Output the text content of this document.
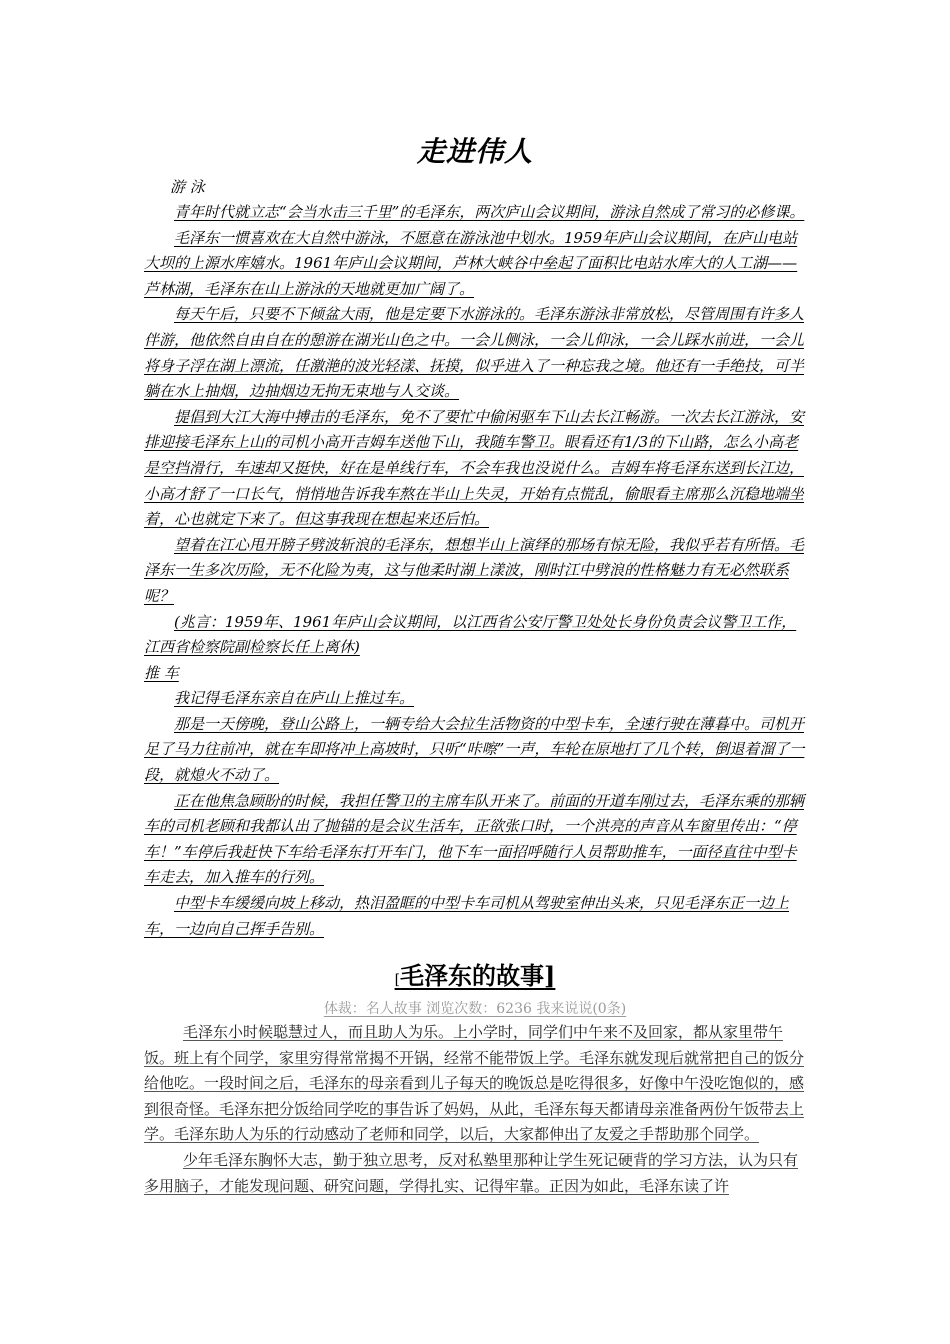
走进伟人
游 泳

青年时代就立志“会当水击三千里”的毛泽东，两次庐山会议期间，游泳自然成了常习的必修课。

毛泽东一惯喜欢在大自然中游泳，不愿意在游泳池中划水。1959年庐山会议期间，在庐山电站大坝的上源水库嬉水。1961年庐山会议期间，芦林大峡谷中垒起了面积比电站水库大的人工湖——芦林湖，毛泽东在山上游泳的天地就更加广阔了。

每天午后，只要不下倾盆大雨，他是定要下水游泳的。毛泽东游泳非常放松，尽管周围有许多人伴游，他依然自由自在的憩游在湖光山色之中。一会儿侧泳，一会儿仰泳，一会儿踩水前进，一会儿将身子浮在湖上漂流，任激滟的波光轻漾、抚摸，似乎进入了一种忘我之境。他还有一手绝技，可半躺在水上抽烟，边抽烟边无拘无束地与人交谈。

提倡到大江大海中搏击的毛泽东，免不了要忙中偷闲驱车下山去长江畅游。一次去长江游泳，安排迎接毛泽东上山的司机小高开吉姆车送他下山，我随车警卫。眼看还有1/3的下山路，怎么小高老是空挡滑行，车速却又挺快，好在是单线行车，不会车我也没说什么。吉姆车将毛泽东送到长江边，小高才舒了一口长气，悄悄地告诉我车熬在半山上失灵，开始有点慌乱，偷眼看主席那么沉稳地端坐着，心也就定下来了。但这事我现在想起来还后怕。

望着在江心甩开膀子劈波斩浪的毛泽东，想想半山上演绎的那场有惊无险，我似乎若有所悟。毛泽东一生多次历险，无不化险为夷，这与他柔时湖上漾波，刚时江中劈浪的性格魅力有无必然联系呢？

(兆言：1959年、1961年庐山会议期间，以江西省公安厅警卫处处长身份负责会议警卫工作，江西省检察院副检察长任上离休)

推 车

我记得毛泽东亲自在庐山上推过车。

那是一天傍晚，登山公路上，一辆专给大会拉生活物资的中型卡车，全速行驶在薄暮中。司机开足了马力往前冲，就在车即将冲上高坡时，只听“咔嚓”一声，车轮在原地打了几个转，倒退着溜了一段，就熄火不动了。

正在他焦急顾盼的时候，我担任警卫的主席车队开来了。前面的开道车刚过去，毛泽东乘的那辆车的司机老顾和我都认出了抛锚的是会议生活车，正欲张口时，一个洪亮的声音从车窗里传出：“停车！”车停后我赶快下车给毛泽东打开车门，他下车一面招呼随行人员帮助推车，一面径直往中型卡车走去，加入推车的行列。

中型卡车缓缓向坡上移动，热泪盈眶的中型卡车司机从驾驶室伸出头来，只见毛泽东正一边上车，一边向自己挥手告别。

[毛泽东的故事]
体裁：名人故事 浏览次数：6236 我来说说(0条)

毛泽东小时候聪慧过人，而且助人为乐。上小学时，同学们中午来不及回家，都从家里带午饭。班上有个同学，家里穷得常常揭不开锅，经常不能带饭上学。毛泽东就发现后就常把自己的饭分给他吃。一段时间之后，毛泽东的母亲看到儿子每天的晚饭总是吃得很多，好像中午没吃饱似的，感到很奇怪。毛泽东把分饭给同学吃的事告诉了妈妈，从此，毛泽东每天都请母亲准备两份午饭带去上学。毛泽东助人为乐的行动感动了老师和同学，以后，大家都伸出了友爱之手帮助那个同学。

少年毛泽东胸怀大志，勤于独立思考，反对私塾里那种让学生死记硬背的学习方法，认为只有多用脑子，才能发现问题、研究问题，学得扎实、记得牢靠。正因为如此，毛泽东读了许
